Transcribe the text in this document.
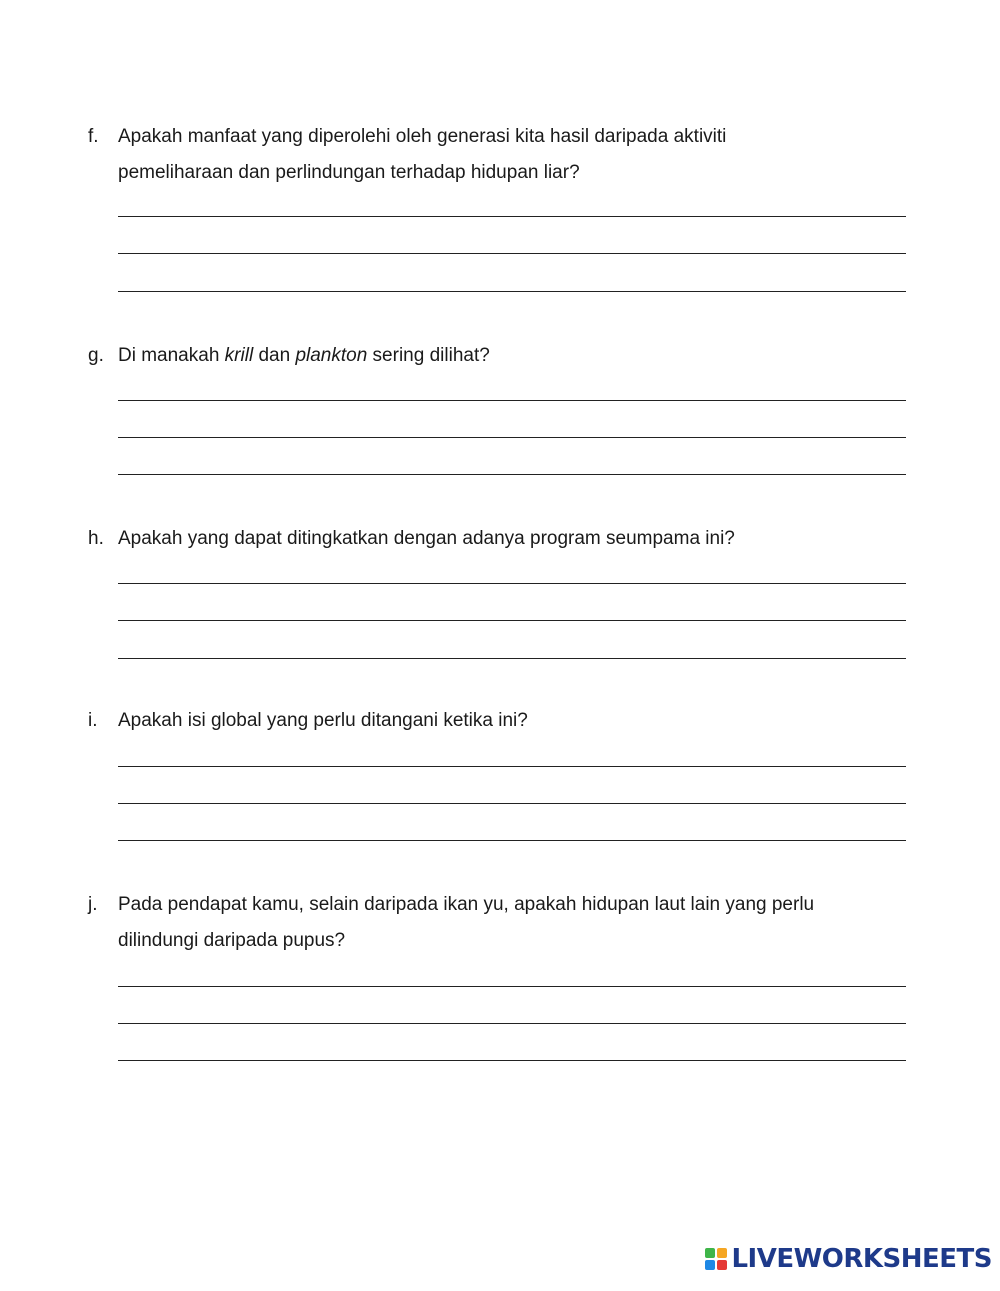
f. Apakah manfaat yang diperolehi oleh generasi kita hasil daripada aktiviti
pemeliharaan dan perlindungan terhadap hidupan liar?
g. Di manakah krill dan plankton sering dilihat?
h. Apakah yang dapat ditingkatkan dengan adanya program seumpama ini?
i. Apakah isi global yang perlu ditangani ketika ini?
j. Pada pendapat kamu, selain daripada ikan yu, apakah hidupan laut lain yang perlu
dilindungi daripada pupus?
LIVEWORKSHEETS
